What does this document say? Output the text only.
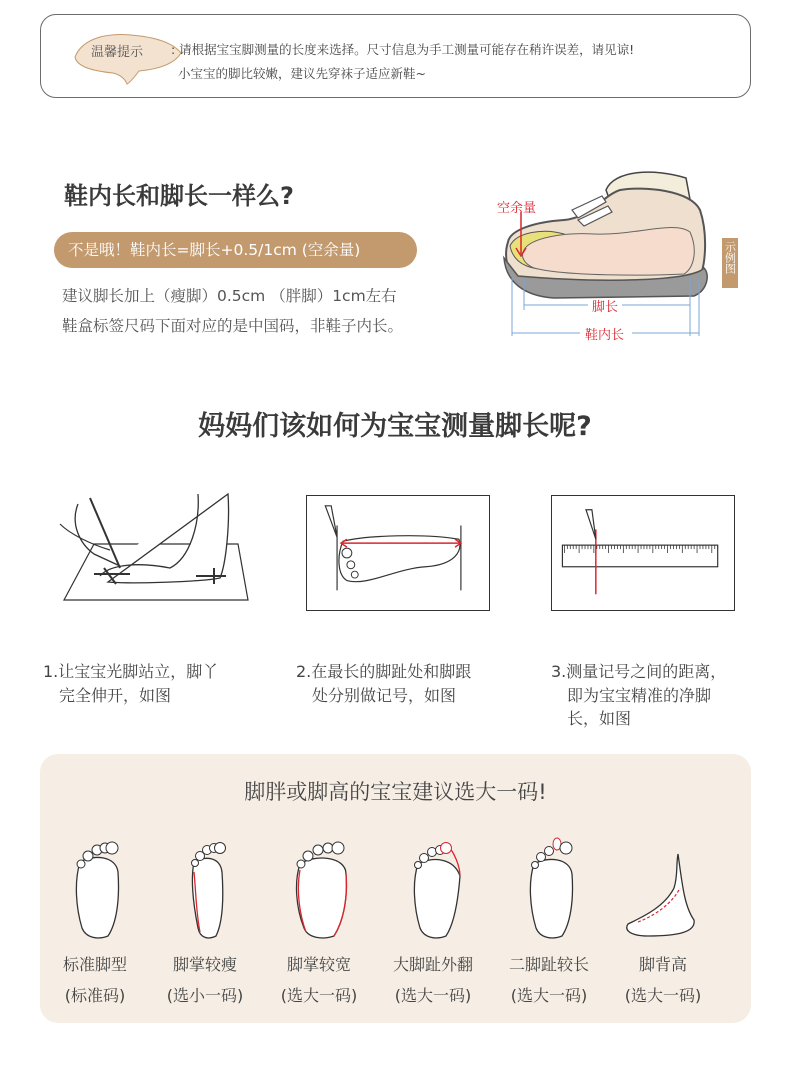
温馨提示 : 请根据宝宝脚测量的长度来选择。尺寸信息为手工测量可能存在稍许误差，请见谅!
小宝宝的脚比较嫩，建议先穿袜子适应新鞋~
鞋内长和脚长一样么?
不是哦！鞋内长=脚长+0.5/1cm (空余量)
建议脚长加上（瘦脚）0.5cm （胖脚）1cm左右
鞋盒标签尺码下面对应的是中国码，非鞋子内长。
空余量
脚长
鞋内长
示例图
妈妈们该如何为宝宝测量脚长呢?
1.让宝宝光脚站立，脚丫
完全伸开，如图
2.在最长的脚趾处和脚跟
处分别做记号，如图
3.测量记号之间的距离，
即为宝宝精准的净脚
长，如图
脚胖或脚高的宝宝建议选大一码!
标准脚型
(标准码)
脚掌较瘦
(选小一码)
脚掌较宽
(选大一码)
大脚趾外翻
(选大一码)
二脚趾较长
(选大一码)
脚背高
(选大一码)
